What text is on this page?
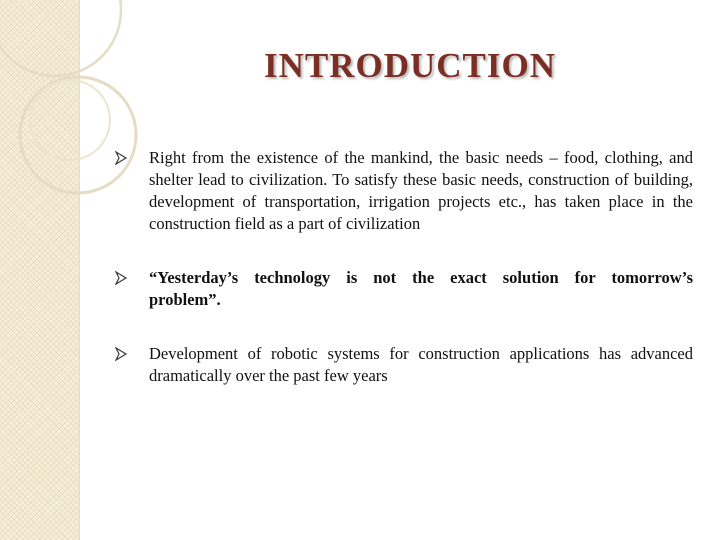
INTRODUCTION
Right from the existence of the mankind, the basic needs – food, clothing, and shelter lead to civilization. To satisfy these basic needs, construction of building, development of transportation, irrigation projects etc., has taken place in the construction field as a part of civilization
“Yesterday’s technology is not the exact solution for tomorrow’s problem”.
Development of robotic systems for construction applications has advanced dramatically over the past few years
